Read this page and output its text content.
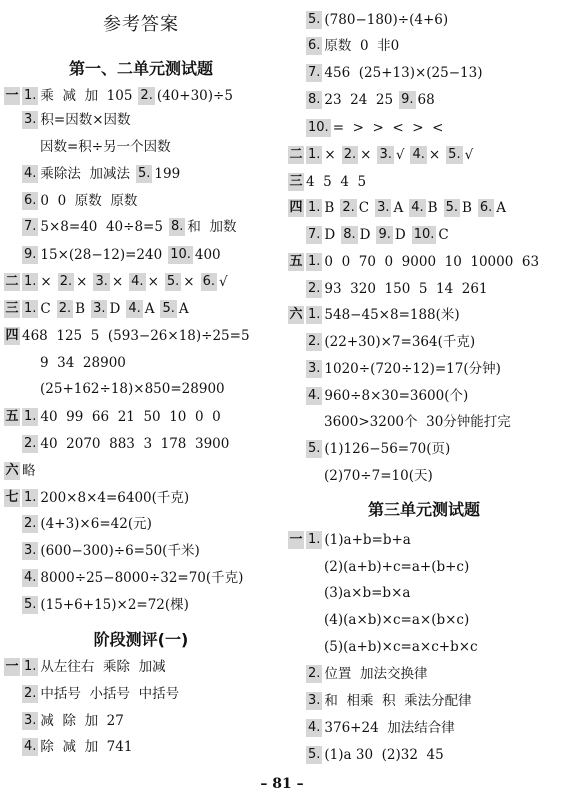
参考答案
第一、二单元测试题
阶段测评(一)
一 1. 乘  减  加  105 2. (40+30)÷5
3. 积=因数×因数
因数=积÷另一个因数
4. 乘除法  加减法 5. 199
6. 0  0  原数  原数
7. 5×8=40  40÷8=5 8. 和  加数
9. 15×(28−12)=240 10. 400
二 1. × 2. × 3. × 4. × 5. × 6. √
三 1. C 2. B 3. D 4. A 5. A
四 468  125  5  (593−26×18)÷25=5
9  34  28900
(25+162÷18)×850=28900
五 1. 40  99  66  21  50  10  0  0
2. 40  2070  883  3  178  3900
六 略
七 1. 200×8×4=6400(千克)
2. (4+3)×6=42(元)
3. (600−300)÷6=50(千米)
4. 8000÷25−8000÷32=70(千克)
5. (15+6+15)×2=72(棵)
一 1. 从左往右  乘除  加减
2. 中括号  小括号  中括号
3. 减  除  加  27
4. 除  减  加  741
第三单元测试题
5. (780−180)÷(4+6)
6. 原数  0  非0
7. 456  (25+13)×(25−13)
8. 23  24  25 9. 68
10. =  >  >  <  >  <
二 1. × 2. × 3. √ 4. × 5. √
三 4  5  4  5
四 1. B 2. C 3. A 4. B 5. B 6. A
7. D 8. D 9. D 10. C
五 1. 0  0  70  0  9000  10  10000  63
2. 93  320  150  5  14  261
六 1. 548−45×8=188(米)
2. (22+30)×7=364(千克)
3. 1020÷(720÷12)=17(分钟)
4. 960÷8×30=3600(个)
3600>3200个  30分钟能打完
5. (1)126−56=70(页)
(2)70÷7=10(天)
一 1. (1)a+b=b+a
(2)(a+b)+c=a+(b+c)
(3)a×b=b×a
(4)(a×b)×c=a×(b×c)
(5)(a+b)×c=a×c+b×c
2. 位置  加法交换律
3. 和  相乘  积  乘法分配律
4. 376+24  加法结合律
5. (1)a 30  (2)32  45
– 81 –
